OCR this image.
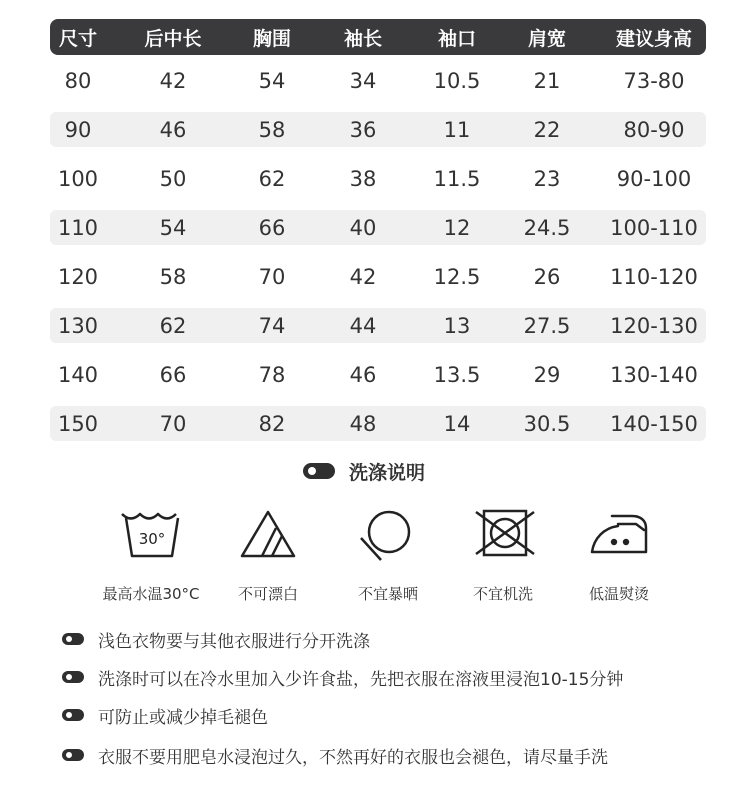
尺寸	后中长	胸围	袖长	袖口	肩宽	建议身高
80	42	54	34	10.5	21	73-80
90	46	58	36	11	22	80-90
100	50	62	38	11.5	23	90-100
110	54	66	40	12	24.5	100-110
120	58	70	42	12.5	26	110-120
130	62	74	44	13	27.5	120-130
140	66	78	46	13.5	29	130-140
150	70	82	48	14	30.5	140-150
洗涤说明
30°
最高水温30°C	不可漂白	不宜暴晒	不宜机洗	低温熨烫
浅色衣物要与其他衣服进行分开洗涤
洗涤时可以在冷水里加入少许食盐，先把衣服在溶液里浸泡10-15分钟
可防止或减少掉毛褪色
衣服不要用肥皂水浸泡过久，不然再好的衣服也会褪色，请尽量手洗
